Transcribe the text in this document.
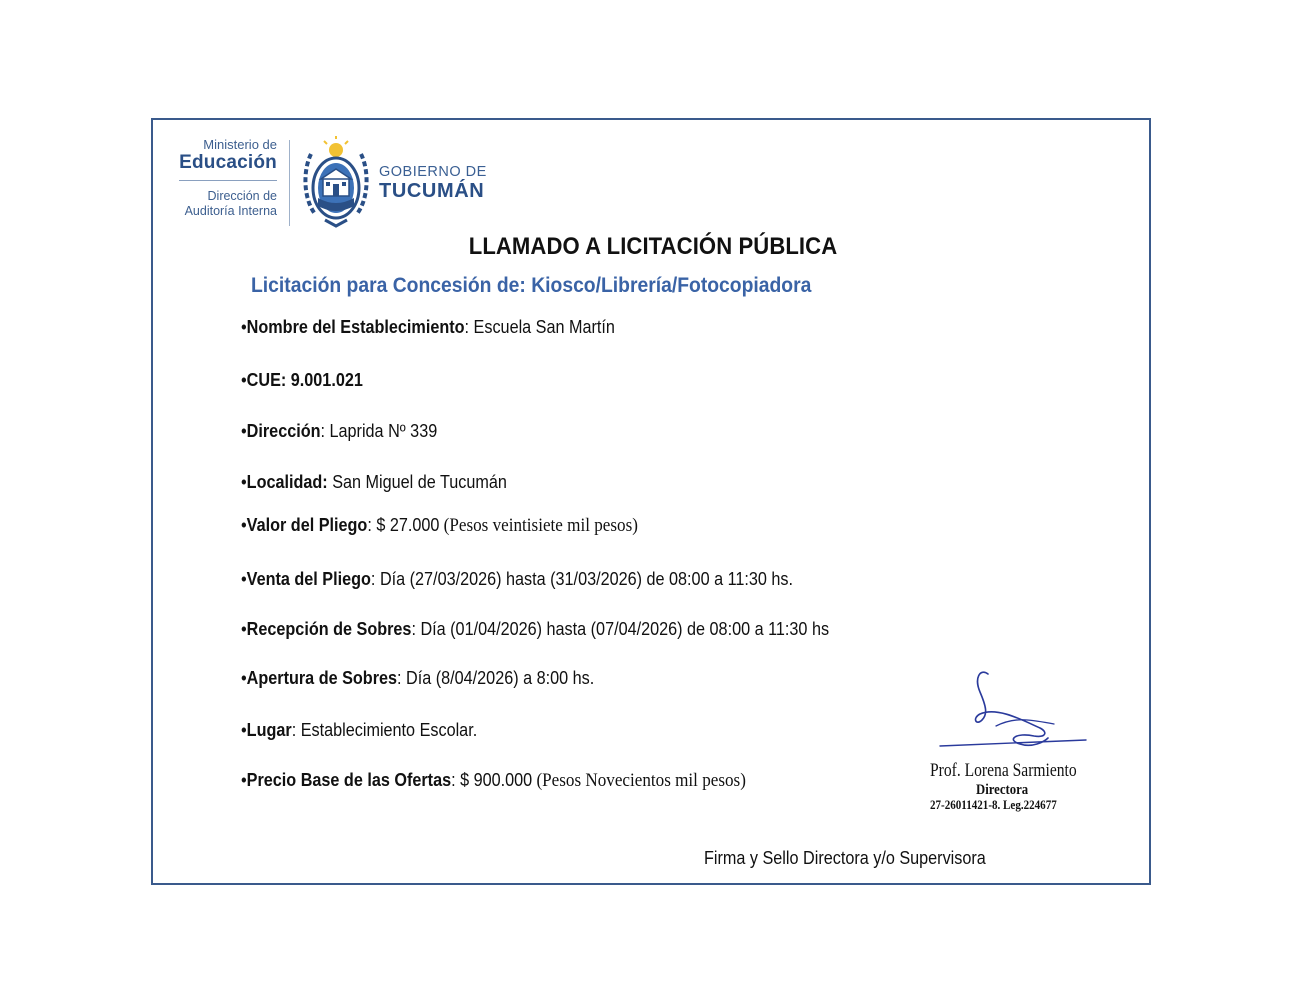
Ministerio de
Educación
Dirección de
Auditoría Interna
GOBIERNO DE
TUCUMÁN
LLAMADO A LICITACIÓN PÚBLICA
Licitación para Concesión de: Kiosco/Librería/Fotocopiadora
•Nombre del Establecimiento: Escuela San Martín
•CUE: 9.001.021
•Dirección: Laprida Nº 339
•Localidad: San Miguel de Tucumán
•Valor del Pliego: $ 27.000 (Pesos veintisiete mil pesos)
•Venta del Pliego: Día (27/03/2026) hasta (31/03/2026) de 08:00 a 11:30 hs.
•Recepción de Sobres: Día (01/04/2026) hasta (07/04/2026) de 08:00 a 11:30 hs
•Apertura de Sobres: Día (8/04/2026) a 8:00 hs.
•Lugar: Establecimiento Escolar.
•Precio Base de las Ofertas: $ 900.000 (Pesos Novecientos mil pesos)	Prof. Lorena Sarmiento
Directora
27-26011421-8. Leg.224677
Firma y Sello Directora y/o Supervisora
